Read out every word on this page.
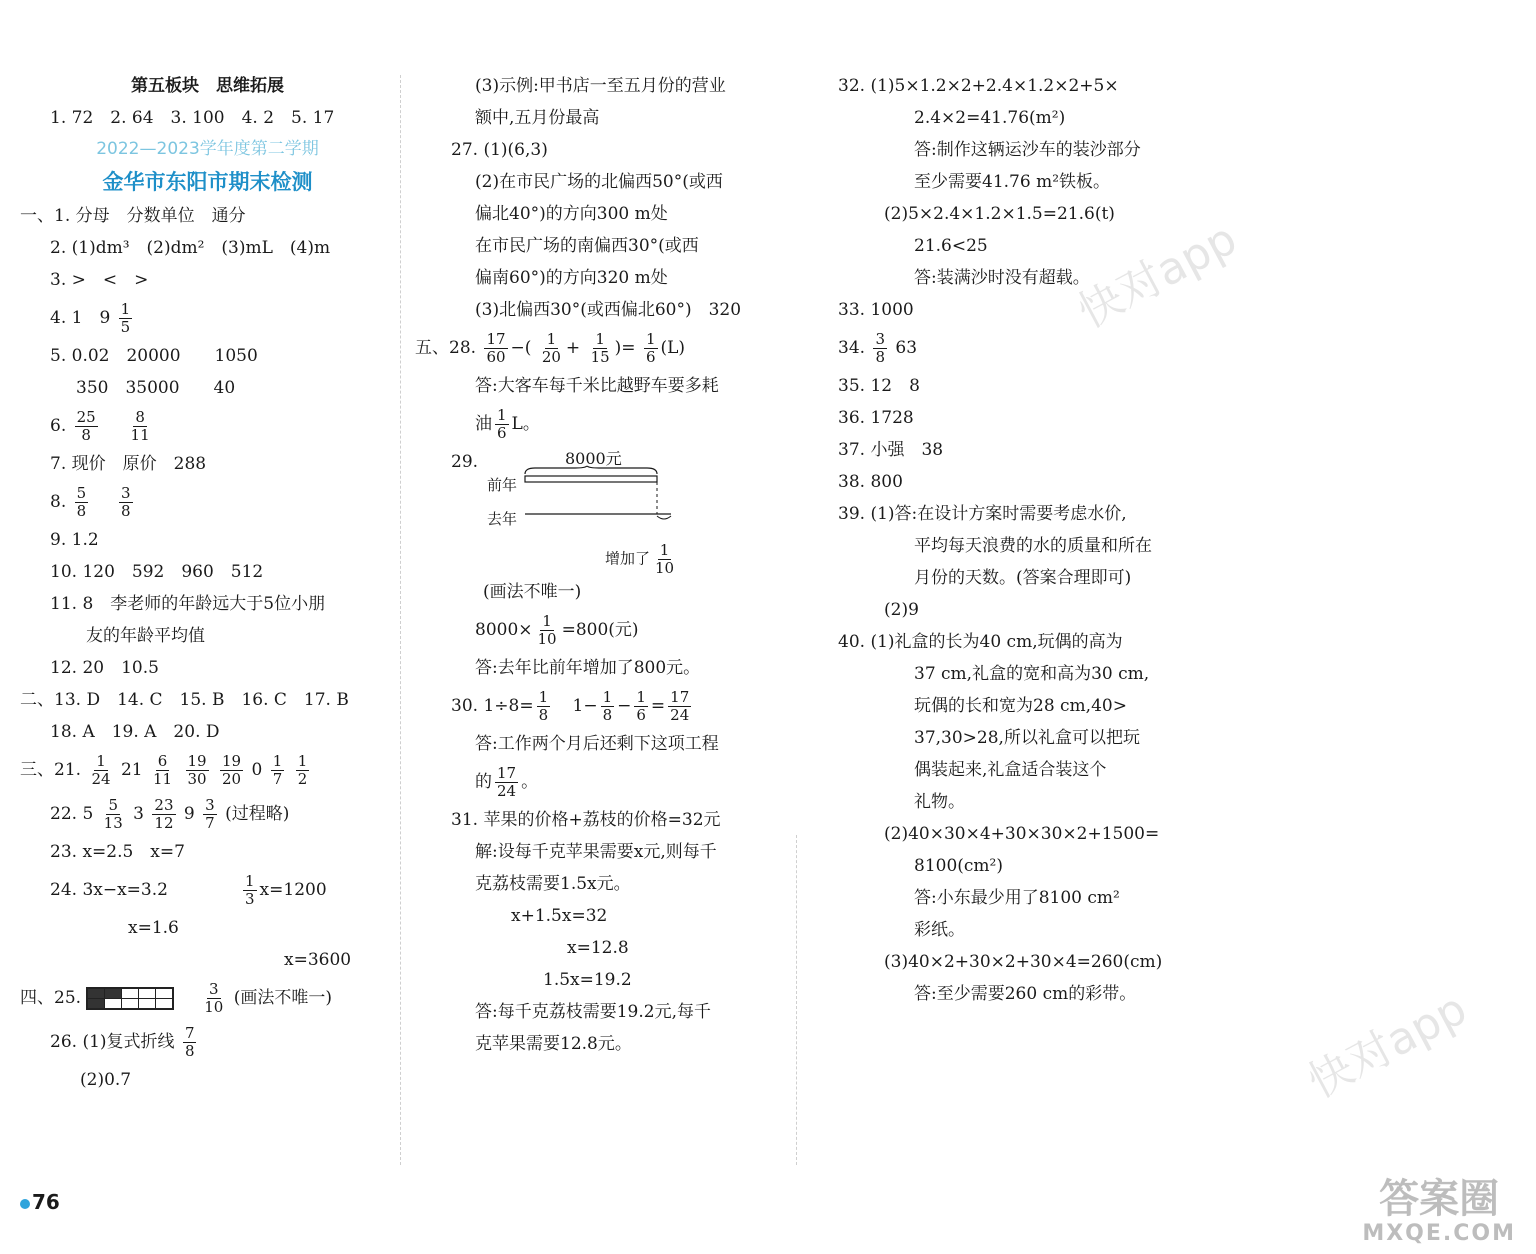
第五板块　思维拓展
1. 72　2. 64　3. 100　4. 2　5. 17
2022—2023学年度第二学期
金华市东阳市期末检测
一、1. 分母　分数单位　通分
2. (1)dm³　(2)dm²　(3)mL　(4)m
3. >　<　>
4. 1　$9 \frac{1}{5}$
5. 0.02　20000　　1050
350　35000　　40
6. $\frac{25}{8}$
$\frac{8}{11}$
7. 现价　原价　288
8. $\frac{5}{8}$
$\frac{3}{8}$
9. 1.2
10. 120　592　960　512
11. 8　李老师的年龄远大于5位小朋
友的年龄平均值
12. 20　10.5
二、13. D　14. C　15. B　16. C　17. B
18. A　19. A　20. D
三、21. $\frac{1}{24} 21 \frac{6}{11}$
$\frac{19}{30}$
$\frac{19}{20} 0 \frac{1}{7}$
$\frac{1}{2}$
22. $5 \frac{5}{13} 3 \frac{23}{12} 9 \frac{3}{7}$ (过程略)
23. x=2.5　x=7
24. 3x−x=3.2	$\frac{1}{3} x=1200$
x=1.6
x=3600
四、25.

	$\frac{3}{10}$ (画法不唯一)
26. (1)复式折线 $\frac{7}{8}$
(2)0.7
(3)示例:甲书店一至五月份的营业
额中,五月份最高
27. (1)(6,3)
(2)在市民广场的北偏西50°(或西
偏北40°)的方向300 m处
在市民广场的南偏西30°(或西
偏南60°)的方向320 m处
(3)北偏西30°(或西偏北60°)　320
五、28. $\frac{17}{60}$ −( $\frac{1}{20} + \frac{1}{15}$ )= $\frac{1}{6} (L)$
答:大客车每千米比越野车要多耗
油 $\frac{1}{6}$ L。
29.	8000元
前年
去年
增加了 $\frac{1}{10}$
(画法不唯一)
$8000\times \frac{1}{10} =800$(元)
答:去年比前年增加了800元。
30. $1\div 8= \frac{1}{8} 1- \frac{1}{8} - \frac{1}{6} = \frac{17}{24}$
答:工作两个月后还剩下这项工程
的 $\frac{17}{24}$ 。
31. 苹果的价格+荔枝的价格=32元
解:设每千克苹果需要x元,则每千
克荔枝需要1.5x元。
x+1.5x=32
x=12.8
1.5x=19.2
答:每千克荔枝需要19.2元,每千
克苹果需要12.8元。
32. (1)5×1.2×2+2.4×1.2×2+5×
2.4×2=41.76(m²)
答:制作这辆运沙车的装沙部分
至少需要41.76 m²铁板。
(2)5×2.4×1.2×1.5=21.6(t)
21.6<25
答:装满沙时没有超载。
33. 1000
34. $\frac{3}{8} 63$
35. 12　8
36. 1728
37. 小强　38
38. 800
39. (1)答:在设计方案时需要考虑水价,
平均每天浪费的水的质量和所在
月份的天数。(答案合理即可)
(2)9
40. (1)礼盒的长为40 cm,玩偶的高为
37 cm,礼盒的宽和高为30 cm,
玩偶的长和宽为28 cm,40>
37,30>28,所以礼盒可以把玩
偶装起来,礼盒适合装这个
礼物。
(2)40×30×4+30×30×2+1500=
8100(cm²)
答:小东最少用了8100 cm²
彩纸。
(3)40×2+30×2+30×4=260(cm)
答:至少需要260 cm的彩带。
快对app
快对app
76	答案圈
MXQE.COM
